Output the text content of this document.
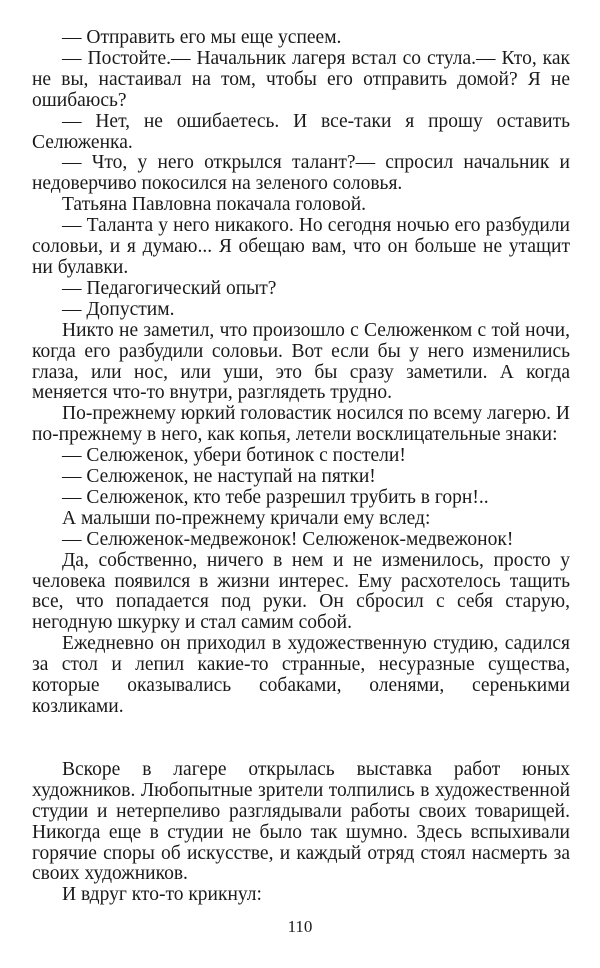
— Отправить его мы еще успеем.

— Постойте.— Начальник лагеря встал со стула.— Кто, как не вы, настаивал на том, чтобы его отправить домой? Я не ошибаюсь?

— Нет, не ошибаетесь. И все-таки я прошу оставить Селюженка.

— Что, у него открылся талант?— спросил начальник и недоверчиво покосился на зеленого соловья.

Татьяна Павловна покачала головой.

— Таланта у него никакого. Но сегодня ночью его разбудили соловьи, и я думаю... Я обещаю вам, что он больше не утащит ни булавки.

— Педагогический опыт?

— Допустим.

Никто не заметил, что произошло с Селюженком с той ночи, когда его разбудили соловьи. Вот если бы у него изменились глаза, или нос, или уши, это бы сразу заметили. А когда меняется что-то внутри, разглядеть трудно.

По-прежнему юркий головастик носился по всему лагерю. И по-прежнему в него, как копья, летели восклицательные знаки:

— Селюженок, убери ботинок с постели!

— Селюженок, не наступай на пятки!

— Селюженок, кто тебе разрешил трубить в горн!..

А малыши по-прежнему кричали ему вслед:

— Селюженок-медвежонок! Селюженок-медвежонок!

Да, собственно, ничего в нем и не изменилось, просто у человека появился в жизни интерес. Ему расхотелось тащить все, что попадается под руки. Он сбросил с себя старую, негодную шкурку и стал самим собой.

Ежедневно он приходил в художественную студию, садился за стол и лепил какие-то странные, несуразные существа, которые оказывались собаками, оленями, серенькими козликами.

Вскоре в лагере открылась выставка работ юных художников. Любопытные зрители толпились в художественной студии и нетерпеливо разглядывали работы своих товарищей. Никогда еще в студии не было так шумно. Здесь вспыхивали горячие споры об искусстве, и каждый отряд стоял насмерть за своих художников.

И вдруг кто-то крикнул:

110
